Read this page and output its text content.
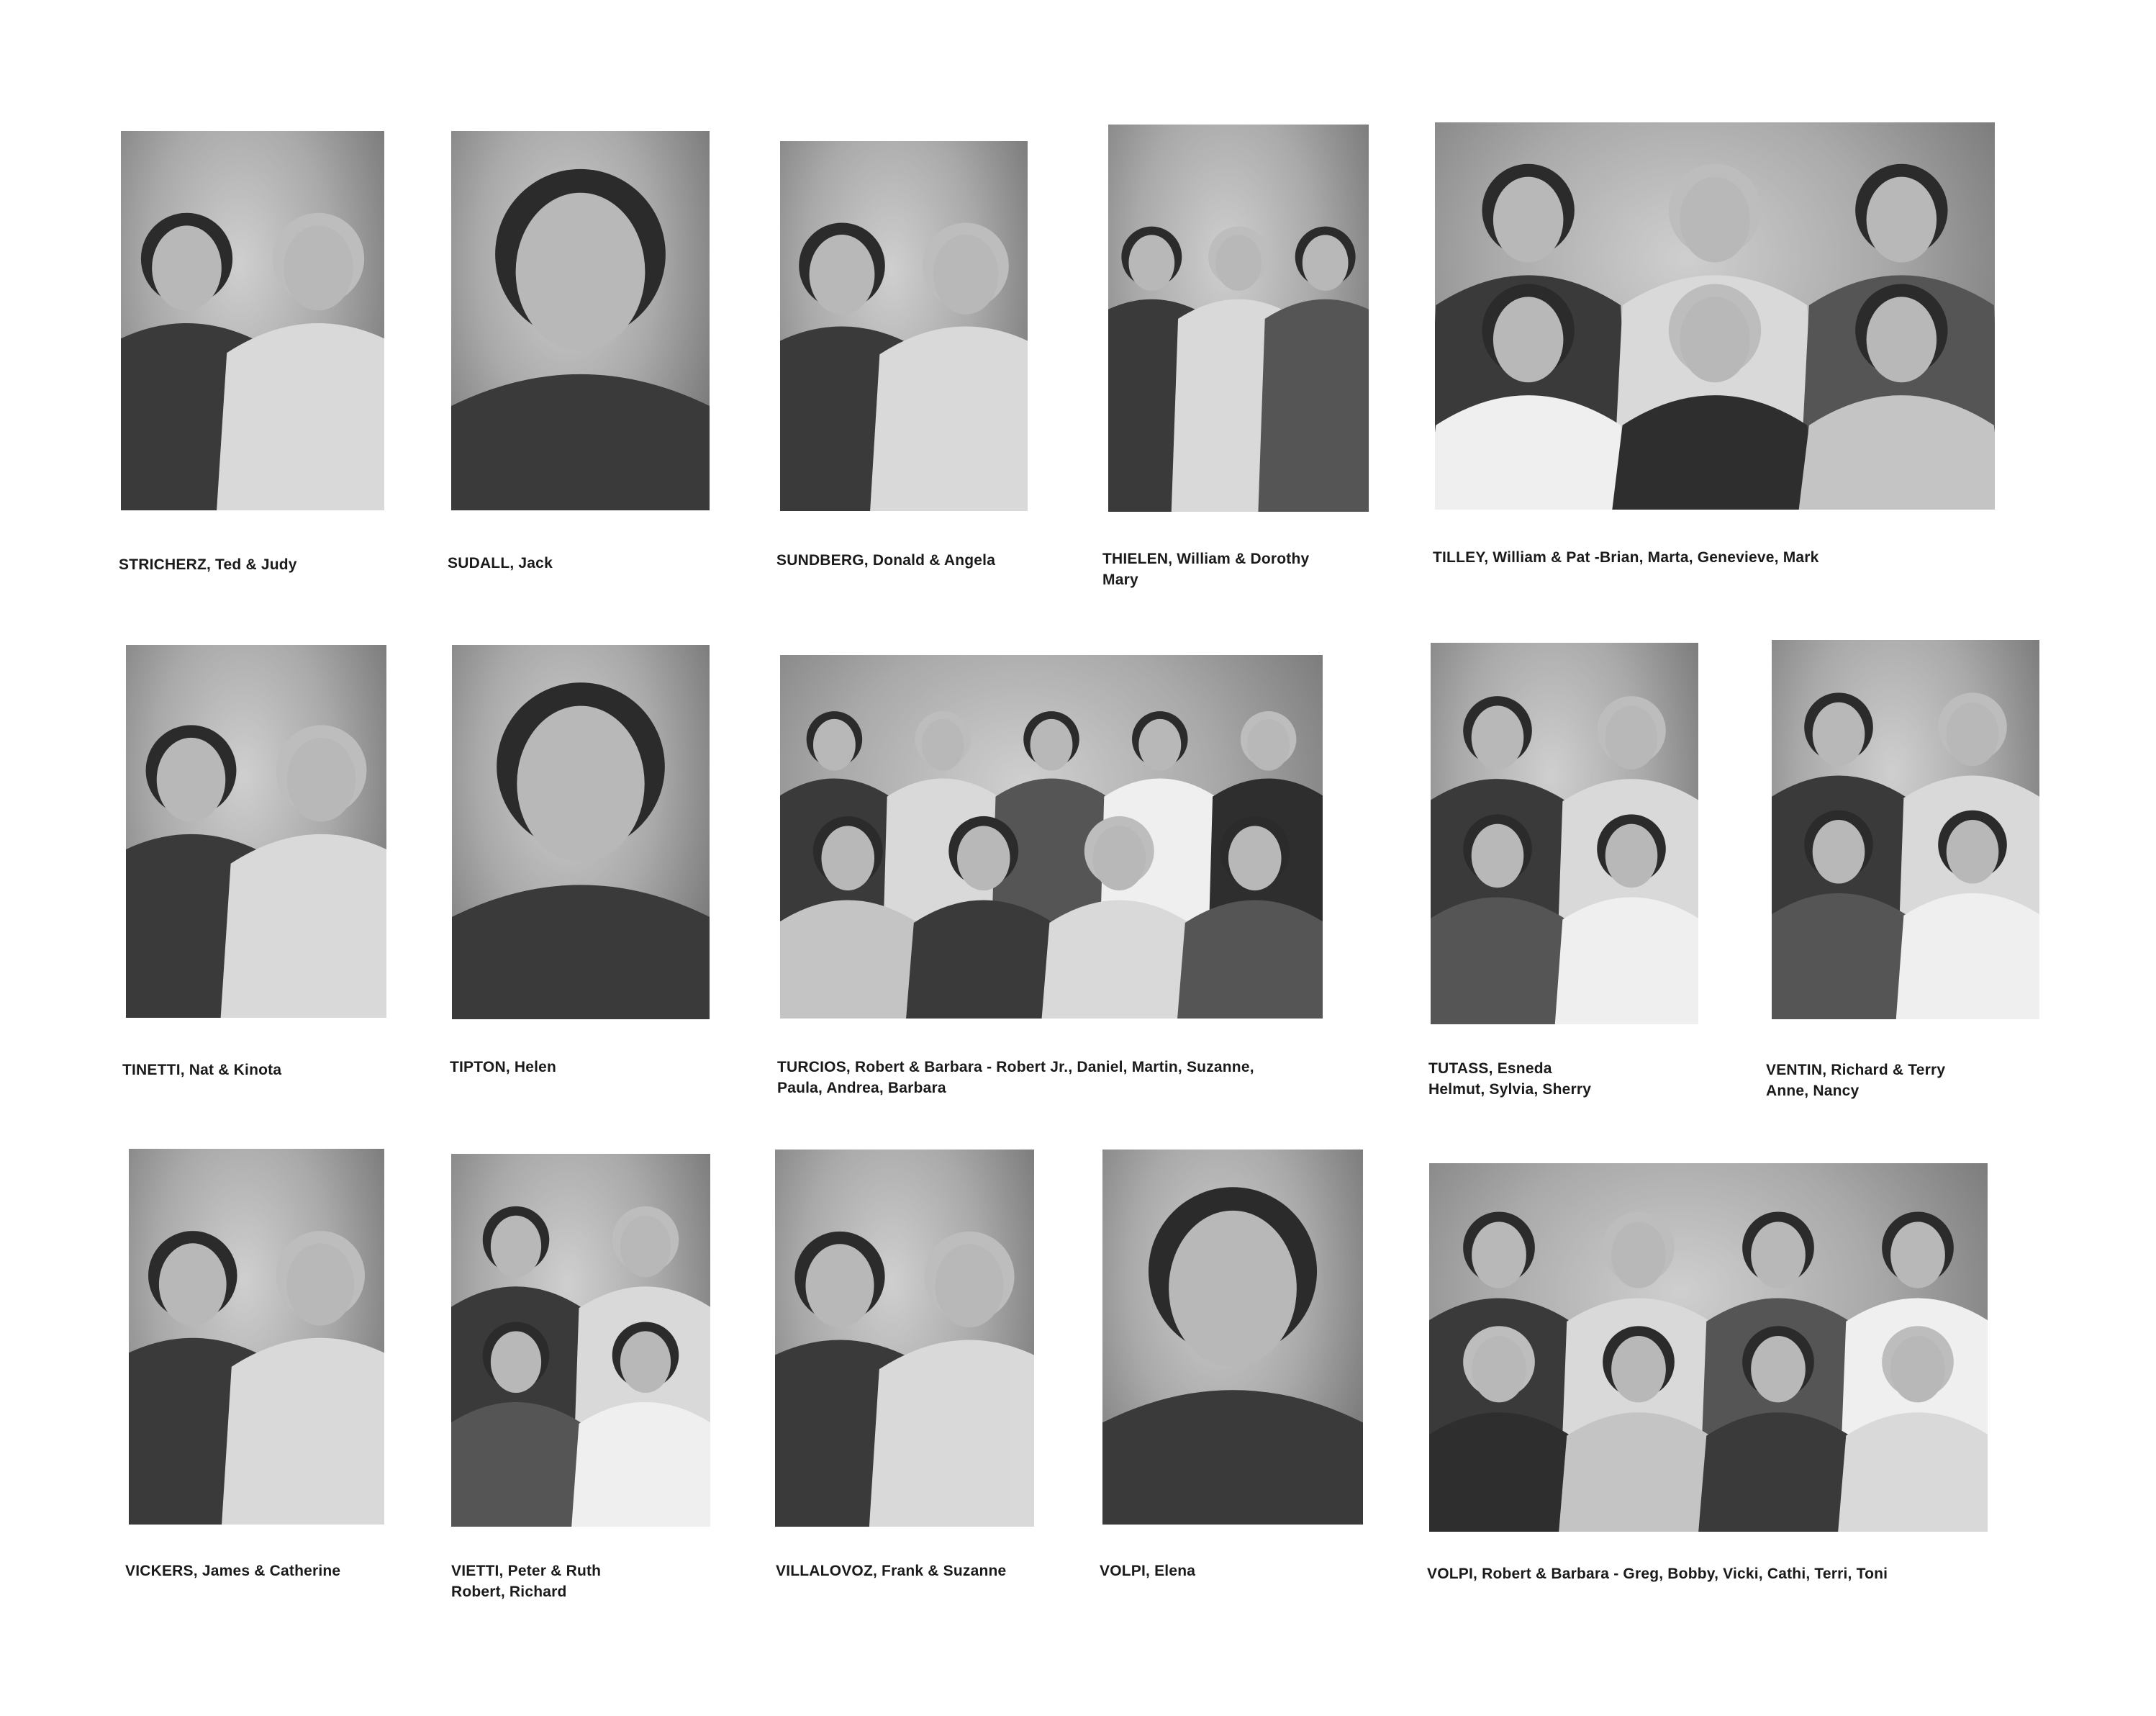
STRICHERZ, Ted & Judy	SUDALL, Jack	SUNDBERG, Donald & Angela	THIELEN, William & Dorothy
Mary
TILLEY, William & Pat -Brian, Marta, Genevieve, Mark
TINETTI, Nat & Kinota	TIPTON, Helen	TURCIOS, Robert & Barbara - Robert Jr., Daniel, Martin, Suzanne,
Paula, Andrea, Barbara
TUTASS, Esneda
Helmut, Sylvia, Sherry
VENTIN, Richard & Terry
Anne, Nancy
VICKERS, James & Catherine	VIETTI, Peter & Ruth
Robert, Richard
VILLALOVOZ, Frank & Suzanne	VOLPI, Elena	VOLPI, Robert & Barbara - Greg, Bobby, Vicki, Cathi, Terri, Toni
